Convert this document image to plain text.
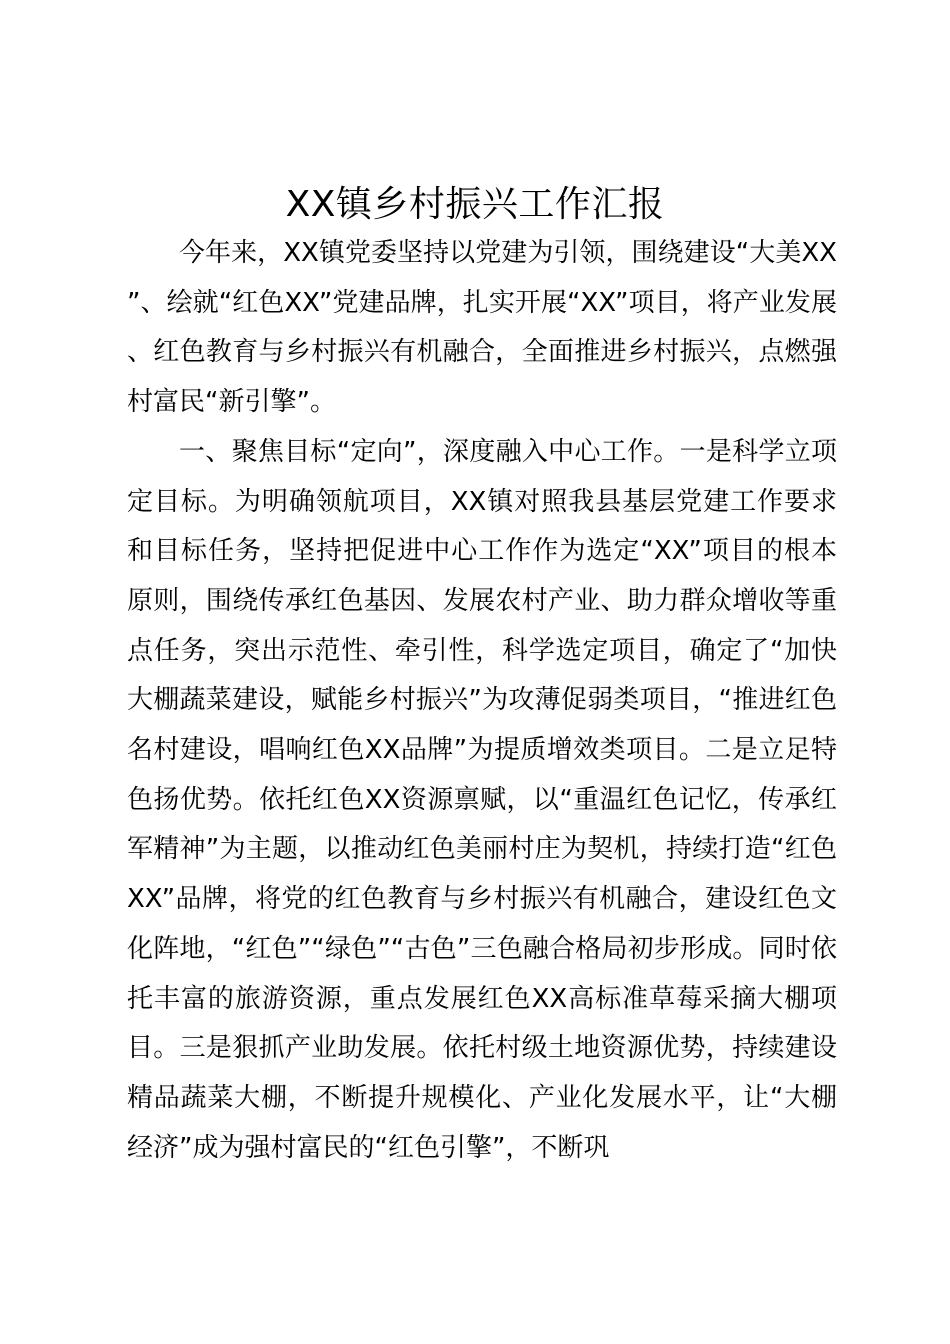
XX镇乡村振兴工作汇报

今年来，XX镇党委坚持以党建为引领，围绕建设“大美XX”、绘就“红色XX”党建品牌，扎实开展“XX”项目，将产业发展、红色教育与乡村振兴有机融合，全面推进乡村振兴，点燃强村富民“新引擎”。

一、聚焦目标“定向”，深度融入中心工作。一是科学立项定目标。为明确领航项目，XX镇对照我县基层党建工作要求和目标任务，坚持把促进中心工作作为选定“XX”项目的根本原则，围绕传承红色基因、发展农村产业、助力群众增收等重点任务，突出示范性、牵引性，科学选定项目，确定了“加快大棚蔬菜建设，赋能乡村振兴”为攻薄促弱类项目，“推进红色名村建设，唱响红色XX品牌”为提质增效类项目。二是立足特色扬优势。依托红色XX资源禀赋，以“重温红色记忆，传承红军精神”为主题，以推动红色美丽村庄为契机，持续打造“红色XX”品牌，将党的红色教育与乡村振兴有机融合，建设红色文化阵地，“红色”“绿色”“古色”三色融合格局初步形成。同时依托丰富的旅游资源，重点发展红色XX高标准草莓采摘大棚项目。三是狠抓产业助发展。依托村级土地资源优势，持续建设精品蔬菜大棚，不断提升规模化、产业化发展水平，让“大棚经济”成为强村富民的“红色引擎”，不断巩
